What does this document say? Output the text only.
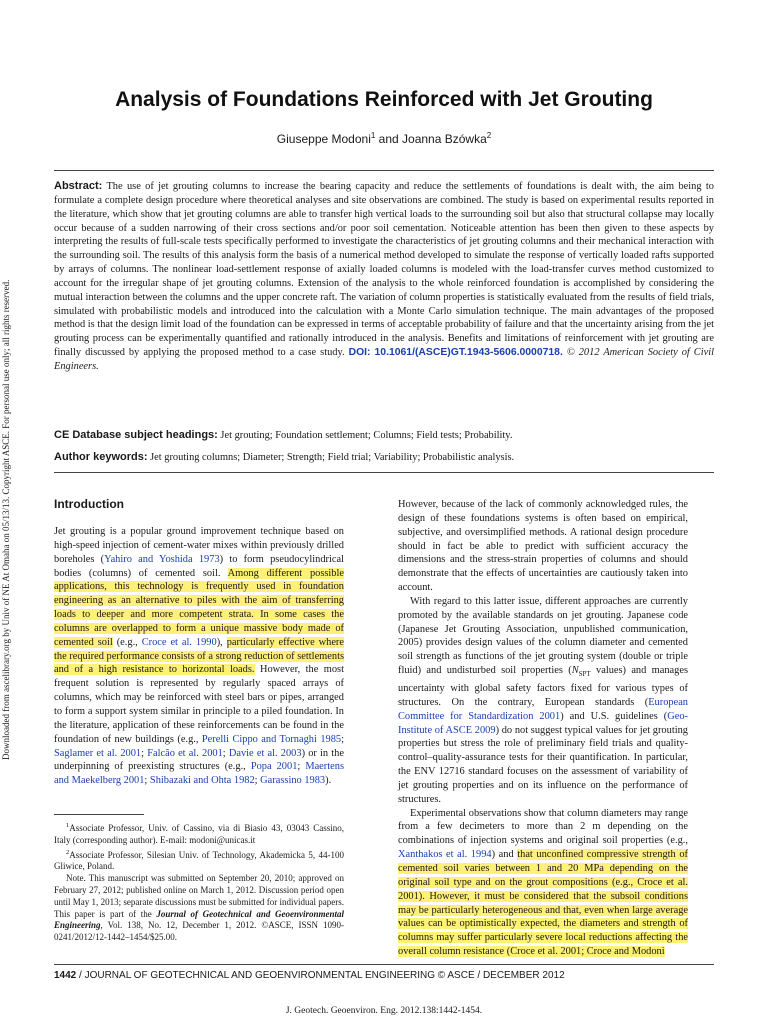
Downloaded from ascelibrary.org by Univ of NE At Omaha on 05/13/13. Copyright ASCE. For personal use only; all rights reserved.
Analysis of Foundations Reinforced with Jet Grouting
Giuseppe Modoni$^1$ and Joanna Bzówka$^2$
Abstract: The use of jet grouting columns to increase the bearing capacity and reduce the settlements of foundations is dealt with, the aim being to formulate a complete design procedure where theoretical analyses and site observations are combined. The study is based on experimental results reported in the literature, which show that jet grouting columns are able to transfer high vertical loads to the surrounding soil but also that structural collapse may locally occur because of a sudden narrowing of their cross sections and/or poor soil cementation. Noticeable attention has been then given to these aspects by interpreting the results of full-scale tests specifically performed to investigate the characteristics of jet grouting columns and their mechanical interaction with the surrounding soil. The results of this analysis form the basis of a numerical method developed to simulate the response of vertically loaded rafts supported by arrays of columns. The nonlinear load-settlement response of axially loaded columns is modeled with the load-transfer curves method customized to account for the irregular shape of jet grouting columns. Extension of the analysis to the whole reinforced foundation is accomplished by considering the mutual interaction between the columns and the upper concrete raft. The variation of column properties is statistically evaluated from the results of field trials, simulated with probabilistic models and introduced into the calculation with a Monte Carlo simulation technique. The main advantages of the proposed method is that the design limit load of the foundation can be expressed in terms of acceptable probability of failure and that the uncertainty arising from the jet grouting process can be experimentally quantified and rationally introduced in the analysis. Benefits and limitations of reinforcement with jet grouting are finally discussed by applying the proposed method to a case study. DOI: 10.1061/(ASCE)GT.1943-5606.0000718. © 2012 American Society of Civil Engineers.
CE Database subject headings: Jet grouting; Foundation settlement; Columns; Field tests; Probability.
Author keywords: Jet grouting columns; Diameter; Strength; Field trial; Variability; Probabilistic analysis.
Introduction

Jet grouting is a popular ground improvement technique based on high-speed injection of cement-water mixes within previously drilled boreholes (Yahiro and Yoshida 1973) to form pseudocylindrical bodies (columns) of cemented soil. Among different possible applications, this technology is frequently used in foundation engineering as an alternative to piles with the aim of transferring loads to deeper and more competent strata. In some cases the columns are overlapped to form a unique massive body made of cemented soil (e.g., Croce et al. 1990), particularly effective where the required performance consists of a strong reduction of settlements and of a high resistance to horizontal loads. However, the most frequent solution is represented by regularly spaced arrays of columns, which may be reinforced with steel bars or pipes, arranged to form a support system similar in principle to a piled foundation. In the literature, application of these reinforcements can be found in the foundation of new buildings (e.g., Perelli Cippo and Tornaghi 1985; Saglamer et al. 2001; Falcão et al. 2001; Davie et al. 2003) or in the underpinning of preexisting structures (e.g., Popa 2001; Maertens and Maekelberg 2001; Shibazaki and Ohta 1982; Garassino 1983).

However, because of the lack of commonly acknowledged rules, the design of these foundations systems is often based on empirical, subjective, and oversimplified methods. A rational design procedure should in fact be able to predict with sufficient accuracy the dimensions and the stress-strain properties of columns and should demonstrate that the effects of uncertainties are cautiously taken into account.

With regard to this latter issue, different approaches are currently promoted by the available standards on jet grouting. Japanese code (Japanese Jet Grouting Association, unpublished communication, 2005) provides design values of the column diameter and cemented soil strength as functions of the jet grouting system (double or triple fluid) and undisturbed soil properties ($N_{SPT}$ values) and manages uncertainty with global safety factors fixed for various types of structures. On the contrary, European standards (European Committee for Standardization 2001) and U.S. guidelines (Geo-Institute of ASCE 2009) do not suggest typical values for jet grouting properties but stress the role of preliminary field trials and quality-control–quality-assurance tests for their quantification. In particular, the ENV 12716 standard focuses on the assessment of variability of jet grouting properties and on its influence on the performance of structures.

Experimental observations show that column diameters may range from a few decimeters to more than 2 m depending on the combinations of injection systems and original soil properties (e.g., Xanthakos et al. 1994) and that unconfined compressive strength of cemented soil varies between 1 and 20 MPa depending on the original soil type and on the grout compositions (e.g., Croce et al. 2001). However, it must be considered that the subsoil conditions may be particularly heterogeneous and that, even when large average values can be optimistically expected, the diameters and strength of columns may suffer particularly severe local reductions affecting the overall column resistance (Croce et al. 2001; Croce and Modoni

$^1$Associate Professor, Univ. of Cassino, via di Biasio 43, 03043 Cassino, Italy (corresponding author). E-mail: modoni@unicas.it

$^2$Associate Professor, Silesian Univ. of Technology, Akademicka 5, 44-100 Gliwice, Poland.

Note. This manuscript was submitted on September 20, 2010; approved on February 27, 2012; published online on March 1, 2012. Discussion period open until May 1, 2013; separate discussions must be submitted for individual papers. This paper is part of the Journal of Geotechnical and Geoenvironmental Engineering, Vol. 138, No. 12, December 1, 2012. ©ASCE, ISSN 1090-0241/2012/12-1442–1454/$25.00.

1442 / JOURNAL OF GEOTECHNICAL AND GEOENVIRONMENTAL ENGINEERING © ASCE / DECEMBER 2012
J. Geotech. Geoenviron. Eng. 2012.138:1442-1454.
